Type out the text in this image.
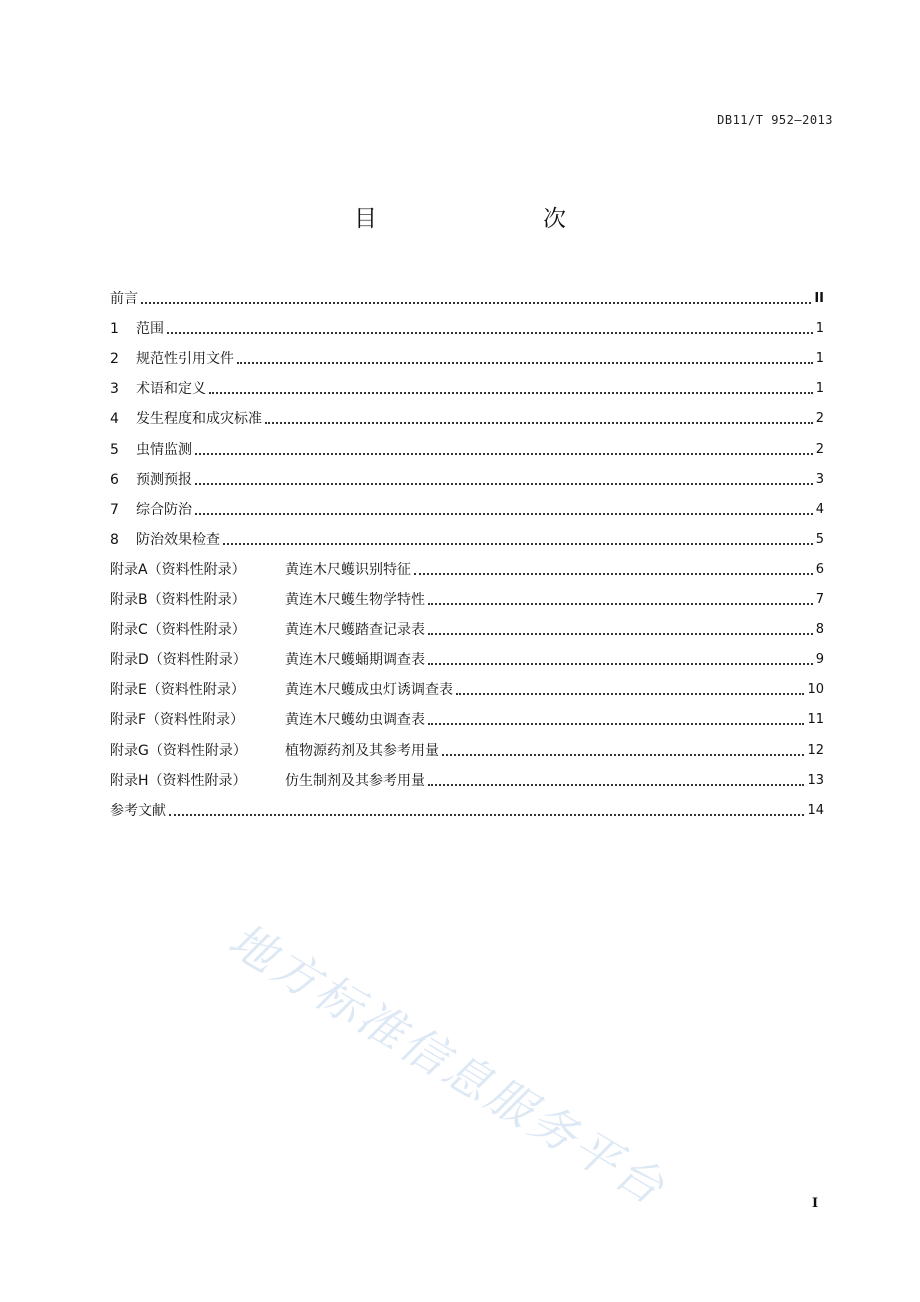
DB11/T 952—2013
目　　次
前言	II
1	范围	1
2	规范性引用文件	1
3	术语和定义	1
4	发生程度和成灾标准	2
5	虫情监测	2
6	预测预报	3
7	综合防治	4
8	防治效果检查	5
附录A（资料性附录）	黄连木尺蠖识别特征	6
附录B（资料性附录）	黄连木尺蠖生物学特性	7
附录C（资料性附录）	黄连木尺蠖踏查记录表	8
附录D（资料性附录）	黄连木尺蠖蛹期调查表	9
附录E（资料性附录）	黄连木尺蠖成虫灯诱调查表	10
附录F（资料性附录）	黄连木尺蠖幼虫调查表	11
附录G（资料性附录）	植物源药剂及其参考用量	12
附录H（资料性附录）	仿生制剂及其参考用量	13
参考文献	14
地方标准信息服务平台	I
